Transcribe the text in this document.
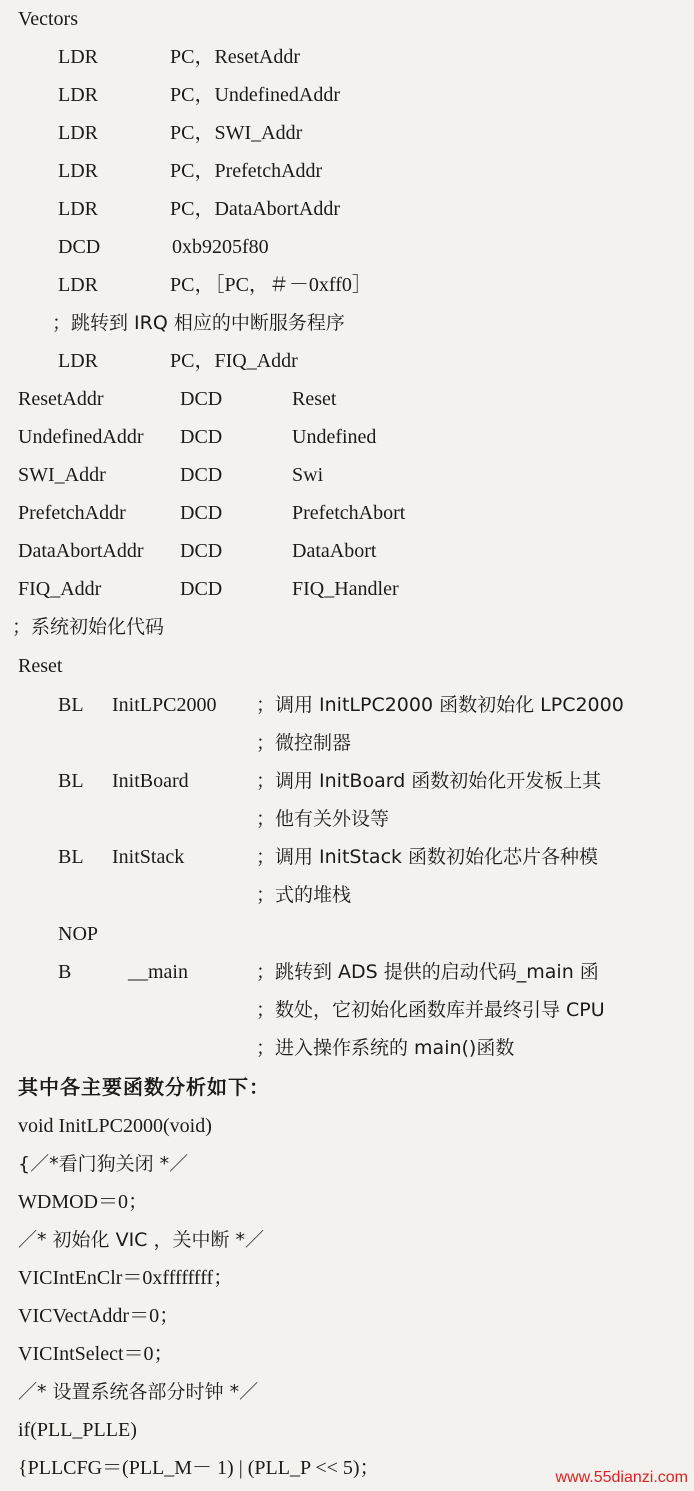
Vectors
LDR	PC，ResetAddr
LDR	PC，UndefinedAddr
LDR	PC，SWI_Addr
LDR	PC，PrefetchAddr
LDR	PC，DataAbortAddr
DCD	0xb9205f80
LDR	PC，［PC，＃－0xff0］
；跳转到 IRQ 相应的中断服务程序
LDR	PC，FIQ_Addr
ResetAddr	DCD	Reset
UndefinedAddr DCD	Undefined
SWI_Addr	DCD	Swi
PrefetchAddr	DCD	PrefetchAbort
DataAbortAddr DCD	DataAbort
FIQ_Addr	DCD	FIQ_Handler
；系统初始化代码
Reset
BL InitLPC2000 ；调用 InitLPC2000 函数初始化 LPC2000
；微控制器
BL InitBoard	；调用 InitBoard 函数初始化开发板上其
；他有关外设等
BL InitStack	；调用 InitStack 函数初始化芯片各种模
；式的堆栈
NOP
B	__main	；跳转到 ADS 提供的启动代码_main 函
；数处，它初始化函数库并最终引导 CPU
；进入操作系统的 main()函数
其中各主要函数分析如下：
void InitLPC2000(void)
{／*看门狗关闭 *／
WDMOD＝0；
／* 初始化 VIC ，关中断 *／
VICIntEnClr＝0xffffffff；
VICVectAddr＝0；
VICIntSelect＝0；
／* 设置系统各部分时钟 *／
if(PLL_PLLE)
{PLLCFG＝(PLL_M－ 1) | (PLL_P << 5)；	www.55dianzi.com
